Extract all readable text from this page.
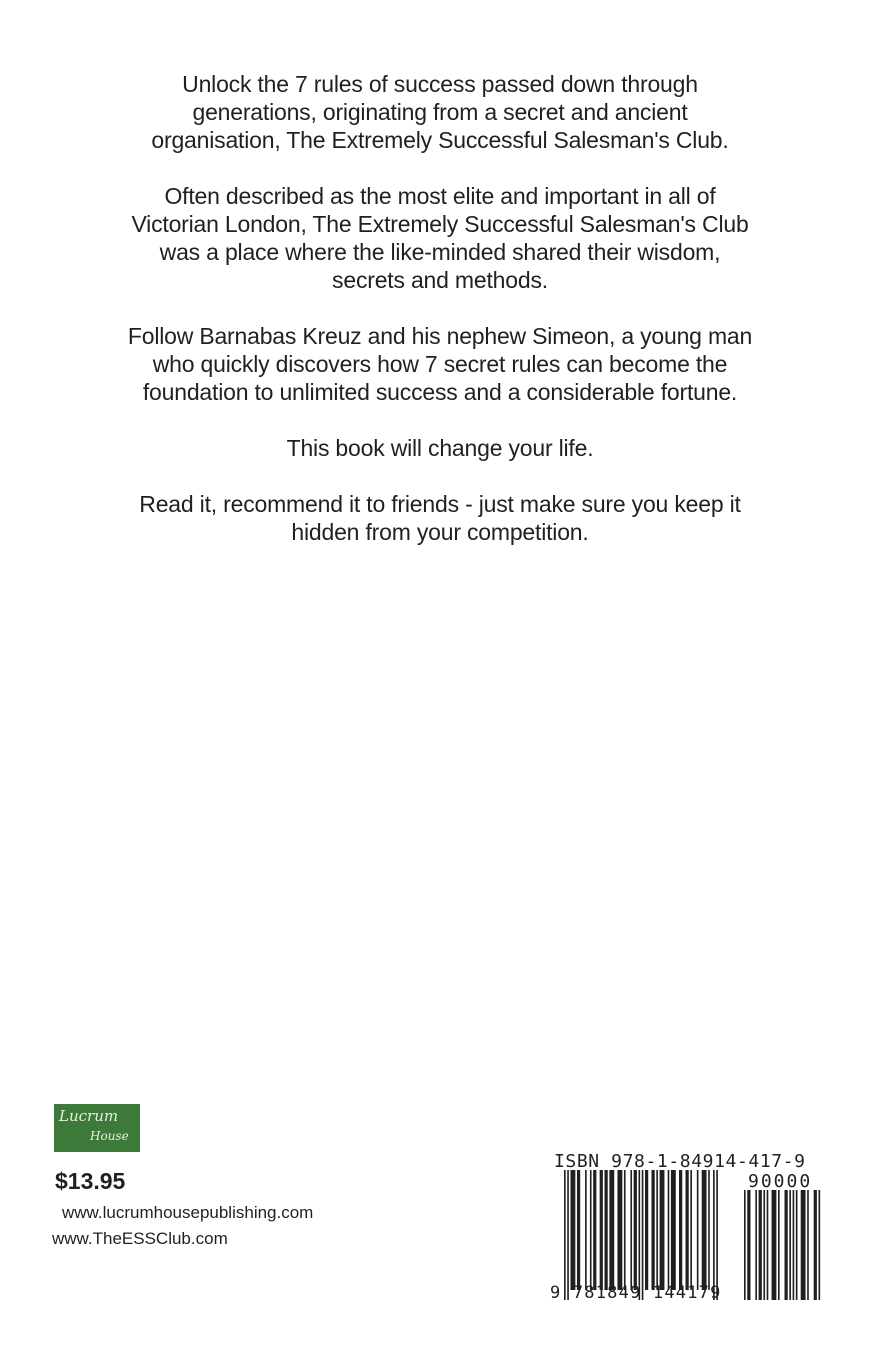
Unlock the 7 rules of success passed down through
generations, originating from a secret and ancient
organisation, The Extremely Successful Salesman's Club.

Often described as the most elite and important in all of
Victorian London, The Extremely Successful Salesman's Club
was a place where the like-minded shared their wisdom,
secrets and methods.

Follow Barnabas Kreuz and his nephew Simeon, a young man
who quickly discovers how 7 secret rules can become the
foundation to unlimited success and a considerable fortune.

This book will change your life.

Read it, recommend it to friends - just make sure you keep it
hidden from your competition.

Lucrum
House
$13.95
www.lucrumhousepublishing.com
www.TheESSClub.com
ISBN 978-1-84914-417-9
90000
9 781849 144179
